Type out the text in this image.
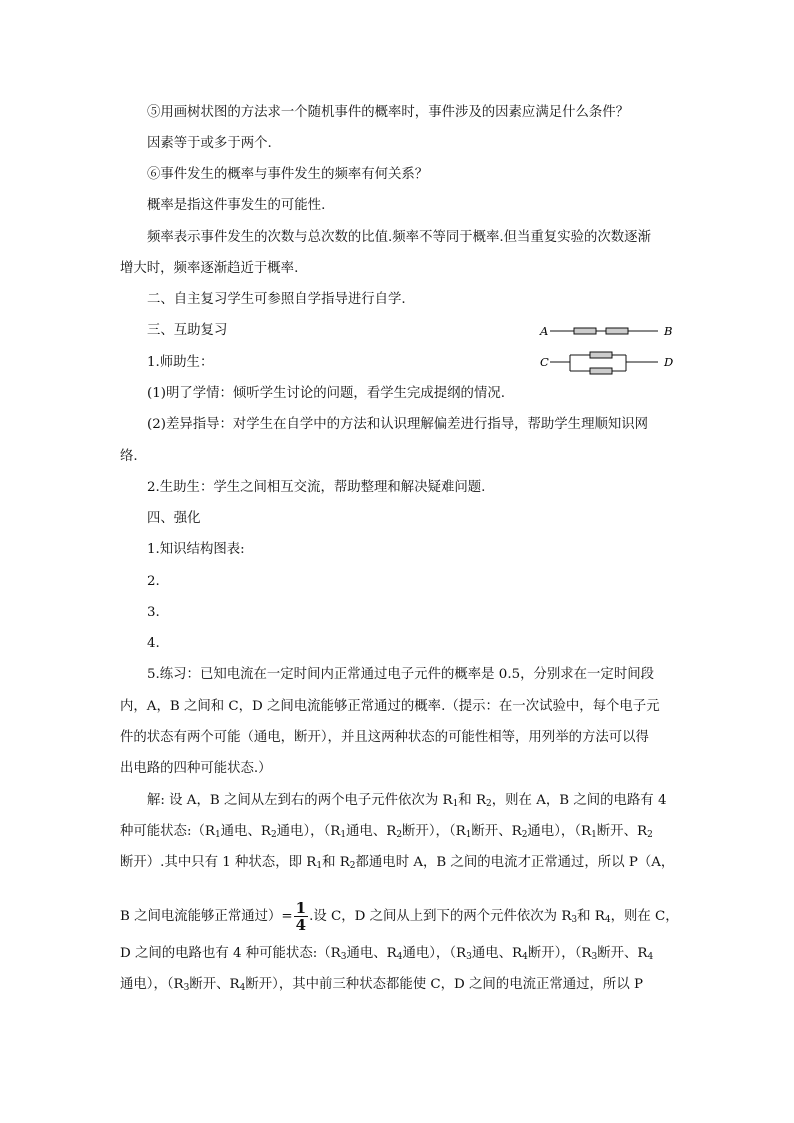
⑤用画树状图的方法求一个随机事件的概率时，事件涉及的因素应满足什么条件？
因素等于或多于两个.
⑥事件发生的概率与事件发生的频率有何关系？
概率是指这件事发生的可能性.
频率表示事件发生的次数与总次数的比值.频率不等同于概率.但当重复实验的次数逐渐
增大时，频率逐渐趋近于概率.
二、自主复习学生可参照自学指导进行自学.
三、互助复习
1.师助生：
(1)明了学情：倾听学生讨论的问题，看学生完成提纲的情况.
(2)差异指导：对学生在自学中的方法和认识理解偏差进行指导，帮助学生理顺知识网
络.
2.生助生：学生之间相互交流，帮助整理和解决疑难问题.
四、强化
1.知识结构图表:
2.
3.
4.
5.练习：已知电流在一定时间内正常通过电子元件的概率是 0.5，分别求在一定时间段
内，A，B 之间和 C，D 之间电流能够正常通过的概率.（提示：在一次试验中，每个电子元
件的状态有两个可能（通电，断开），并且这两种状态的可能性相等，用列举的方法可以得
出电路的四种可能状态.）
解: 设 A，B 之间从左到右的两个电子元件依次为 $R_1$和 $R_2$，则在 A，B 之间的电路有 4
种可能状态$:(R_1$通电、$R_2$通电），（$R_1$通电、$R_2$断开），（$R_1$断开、$R_2$通电），（$R_1$断开、$R_2$
断开）.其中只有 1 种状态，即 $R_1$和 $R_2$都通电时 A，B 之间的电流才正常通过，所以 P（A，
B 之间电流能够正常通过）= $\frac{1}{4}$ .设 C，D 之间从上到下的两个元件依次为 $R_3$和 $R_4$，则在 C，
D 之间的电路也有 4 种可能状态$:(R_3$通电、$R_4$通电），（$R_3$通电、$R_4$断开），（$R_3$断开、$R_4$
通电），（$R_3$断开、$R_4$断开），其中前三种状态都能使 C，D 之间的电流正常通过，所以 P
A	B
C	D
